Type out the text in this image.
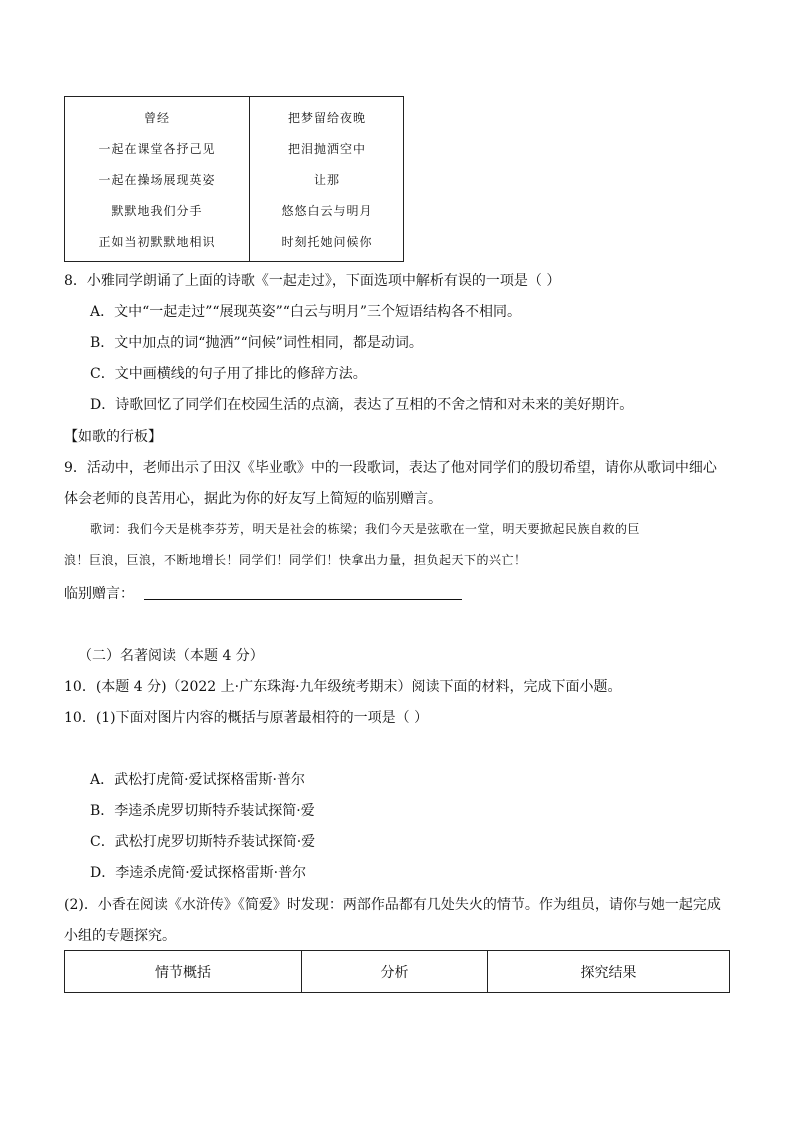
曾经
一起在课堂各抒己见
一起在操场展现英姿
默默地我们分手
正如当初默默地相识
把梦留给夜晚
把泪抛洒空中
让那
悠悠白云与明月
时刻托她问候你
8．小雅同学朗诵了上面的诗歌《一起走过》，下面选项中解析有误的一项是（ ）
A．文中“一起走过”“展现英姿”“白云与明月”三个短语结构各不相同。
B．文中加点的词“抛洒”“问候”词性相同，都是动词。
C．文中画横线的句子用了排比的修辞方法。
D．诗歌回忆了同学们在校园生活的点滴，表达了互相的不舍之情和对未来的美好期许。
【如歌的行板】
9．活动中，老师出示了田汉《毕业歌》中的一段歌词，表达了他对同学们的殷切希望，请你从歌词中细心
体会老师的良苦用心，据此为你的好友写上简短的临别赠言。
歌词：我们今天是桃李芬芳，明天是社会的栋梁；我们今天是弦歌在一堂，明天要掀起民族自救的巨
浪！巨浪，巨浪，不断地增长！同学们！同学们！快拿出力量，担负起天下的兴亡！
临别赠言：
（二）名著阅读（本题 4 分）
10．(本题 4 分)（2022 上·广东珠海·九年级统考期末）阅读下面的材料，完成下面小题。
10．(1)下面对图片内容的概括与原著最相符的一项是（ ）
A．武松打虎简·爱试探格雷斯·普尔
B．李逵杀虎罗切斯特乔装试探简·爱
C．武松打虎罗切斯特乔装试探简·爱
D．李逵杀虎简·爱试探格雷斯·普尔
(2)．小香在阅读《水浒传》《简爱》时发现：两部作品都有几处失火的情节。作为组员，请你与她一起完成
小组的专题探究。
情节概括	分析	探究结果
